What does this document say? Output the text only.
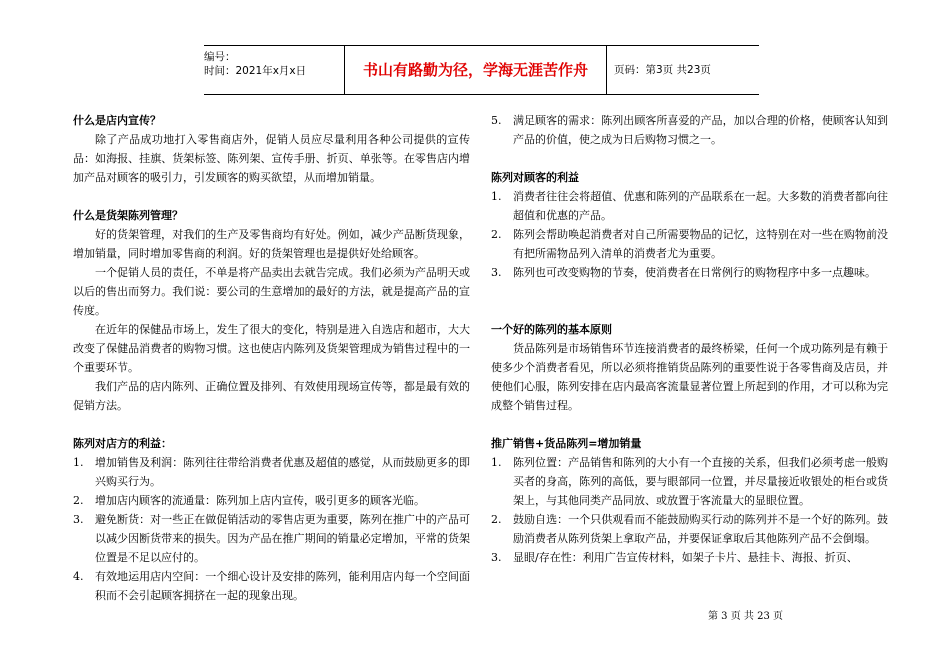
编号：
时间：2021年x月x日	书山有路勤为径，学海无涯苦作舟	页码：第3页 共23页
什么是店内宣传？
除了产品成功地打入零售商店外，促销人员应尽量利用各种公司提供的宣传品：如海报、挂旗、货架标签、陈列架、宣传手册、折页、单张等。在零售店内增加产品对顾客的吸引力，引发顾客的购买欲望，从而增加销量。
什么是货架陈列管理？
好的货架管理，对我们的生产及零售商均有好处。例如，减少产品断货现象，增加销量，同时增加零售商的利润。好的货架管理也是提供好处给顾客。
一个促销人员的责任，不单是将产品卖出去就告完成。我们必须为产品明天或以后的售出而努力。我们说：要公司的生意增加的最好的方法，就是提高产品的宣传度。
在近年的保健品市场上，发生了很大的变化，特别是进入自选店和超市，大大改变了保健品消费者的购物习惯。这也使店内陈列及货架管理成为销售过程中的一个重要环节。
我们产品的店内陈列、正确位置及排列、有效使用现场宣传等，都是最有效的促销方法。
陈列对店方的利益：
1. 增加销售及利润：陈列往往带给消费者优惠及超值的感觉，从而鼓励更多的即兴购买行为。
2. 增加店内顾客的流通量：陈列加上店内宣传，吸引更多的顾客光临。
3. 避免断货：对一些正在做促销活动的零售店更为重要，陈列在推广中的产品可以减少因断货带来的损失。因为产品在推广期间的销量必定增加，平常的货架位置是不足以应付的。
4. 有效地运用店内空间：一个细心设计及安排的陈列，能利用店内每一个空间面积而不会引起顾客拥挤在一起的现象出现。
5. 满足顾客的需求：陈列出顾客所喜爱的产品，加以合理的价格，使顾客认知到产品的价值，使之成为日后购物习惯之一。
陈列对顾客的利益
1. 消费者往往会将超值、优惠和陈列的产品联系在一起。大多数的消费者都向往超值和优惠的产品。
2. 陈列会帮助唤起消费者对自己所需要物品的记忆，这特别在对一些在购物前没有把所需物品列入清单的消费者尤为重要。
3. 陈列也可改变购物的节奏，使消费者在日常例行的购物程序中多一点趣味。
一个好的陈列的基本原则
货品陈列是市场销售环节连接消费者的最终桥梁，任何一个成功陈列是有赖于使多少个消费者看见，所以必须将推销货品陈列的重要性说于各零售商及店员，并使他们心服，陈列安排在店内最高客流量显著位置上所起到的作用，才可以称为完成整个销售过程。
推广销售+货品陈列=增加销量
1. 陈列位置：产品销售和陈列的大小有一个直接的关系，但我们必须考虑一般购买者的身高，陈列的高低，要与眼部同一位置，并尽量接近收银处的柜台或货架上，与其他同类产品同放、或放置于客流量大的显眼位置。
2. 鼓励自选：一个只供观看而不能鼓励购买行动的陈列并不是一个好的陈列。鼓励消费者从陈列货架上拿取产品，并要保证拿取后其他陈列产品不会倒塌。
3. 显眼/存在性：利用广告宣传材料，如架子卡片、悬挂卡、海报、折页、
第 3 页 共 23 页
